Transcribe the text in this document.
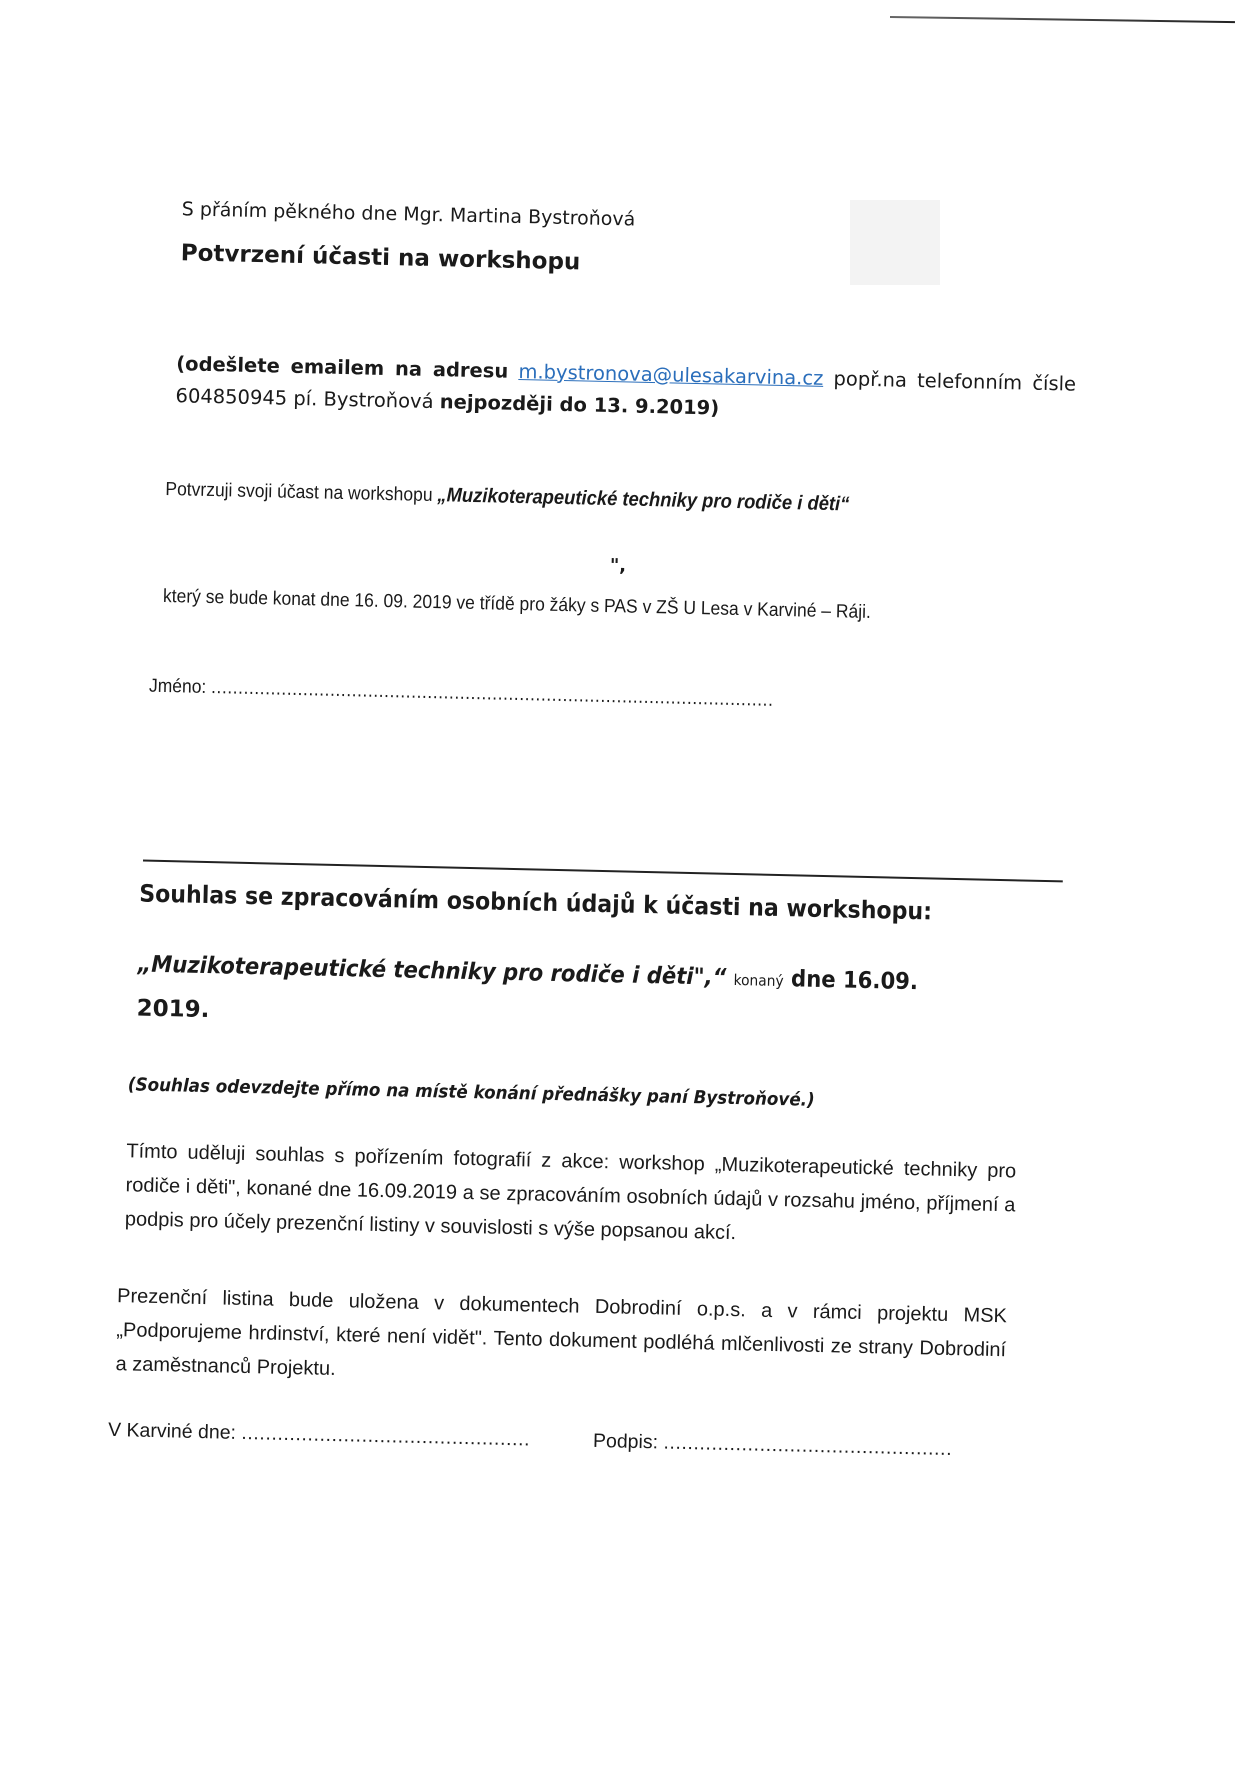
S přáním pěkného dne Mgr. Martina Bystroňová
Potvrzení účasti na workshopu
(odešlete emailem na adresu m.bystronova@ulesakarvina.cz popř.na telefonním čísle 604850945 pí. Bystroňová nejpozději do 13. 9.2019)
Potvrzuji svoji účast na workshopu „Muzikoterapeutické techniky pro rodiče i děti“
",
který se bude konat dne 16. 09. 2019 ve třídě pro žáky s PAS v ZŠ U Lesa v Karviné – Ráji.
Jméno: ........................................................................................................
Souhlas se zpracováním osobních údajů k účasti na workshopu:
„Muzikoterapeutické techniky pro rodiče i děti",“ konaný dne 16.09.
2019.
(Souhlas odevzdejte přímo na místě konání přednášky paní Bystroňové.)
Tímto uděluji souhlas s pořízením fotografií z akce: workshop „Muzikoterapeutické techniky pro rodiče i děti", konané dne 16.09.2019 a se zpracováním osobních údajů v rozsahu jméno, příjmení a podpis pro účely prezenční listiny v souvislosti s výše popsanou akcí.
Prezenční listina bude uložena v dokumentech Dobrodiní o.p.s. a v rámci projektu MSK „Podporujeme hrdinství, které není vidět". Tento dokument podléhá mlčenlivosti ze strany Dobrodiní a zaměstnanců Projektu.
V Karviné dne: ................................................	Podpis: ................................................
